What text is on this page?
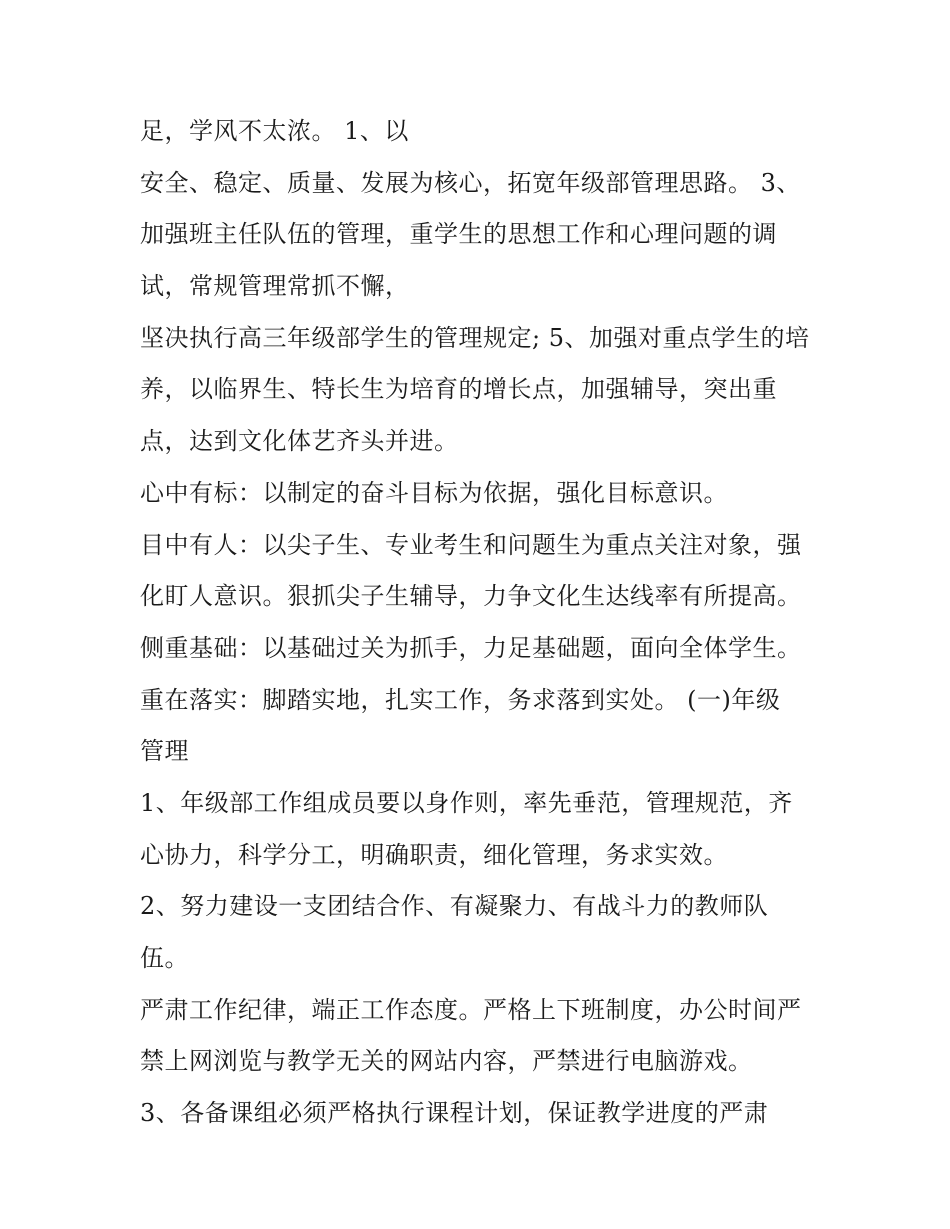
足，学风不太浓。 1、以
安全、稳定、质量、发展为核心，拓宽年级部管理思路。 3、
加强班主任队伍的管理，重学生的思想工作和心理问题的调
试，常规管理常抓不懈，
坚决执行高三年级部学生的管理规定; 5、加强对重点学生的培
养，以临界生、特长生为培育的增长点，加强辅导，突出重
点，达到文化体艺齐头并进。
心中有标：以制定的奋斗目标为依据，强化目标意识。
目中有人：以尖子生、专业考生和问题生为重点关注对象，强
化盯人意识。狠抓尖子生辅导，力争文化生达线率有所提高。
侧重基础：以基础过关为抓手，力足基础题，面向全体学生。
重在落实：脚踏实地，扎实工作，务求落到实处。 (一)年级
管理
1、年级部工作组成员要以身作则，率先垂范，管理规范，齐
心协力，科学分工，明确职责，细化管理，务求实效。
2、努力建设一支团结合作、有凝聚力、有战斗力的教师队
伍。
严肃工作纪律，端正工作态度。严格上下班制度，办公时间严
禁上网浏览与教学无关的网站内容，严禁进行电脑游戏。
3、各备课组必须严格执行课程计划，保证教学进度的严肃
